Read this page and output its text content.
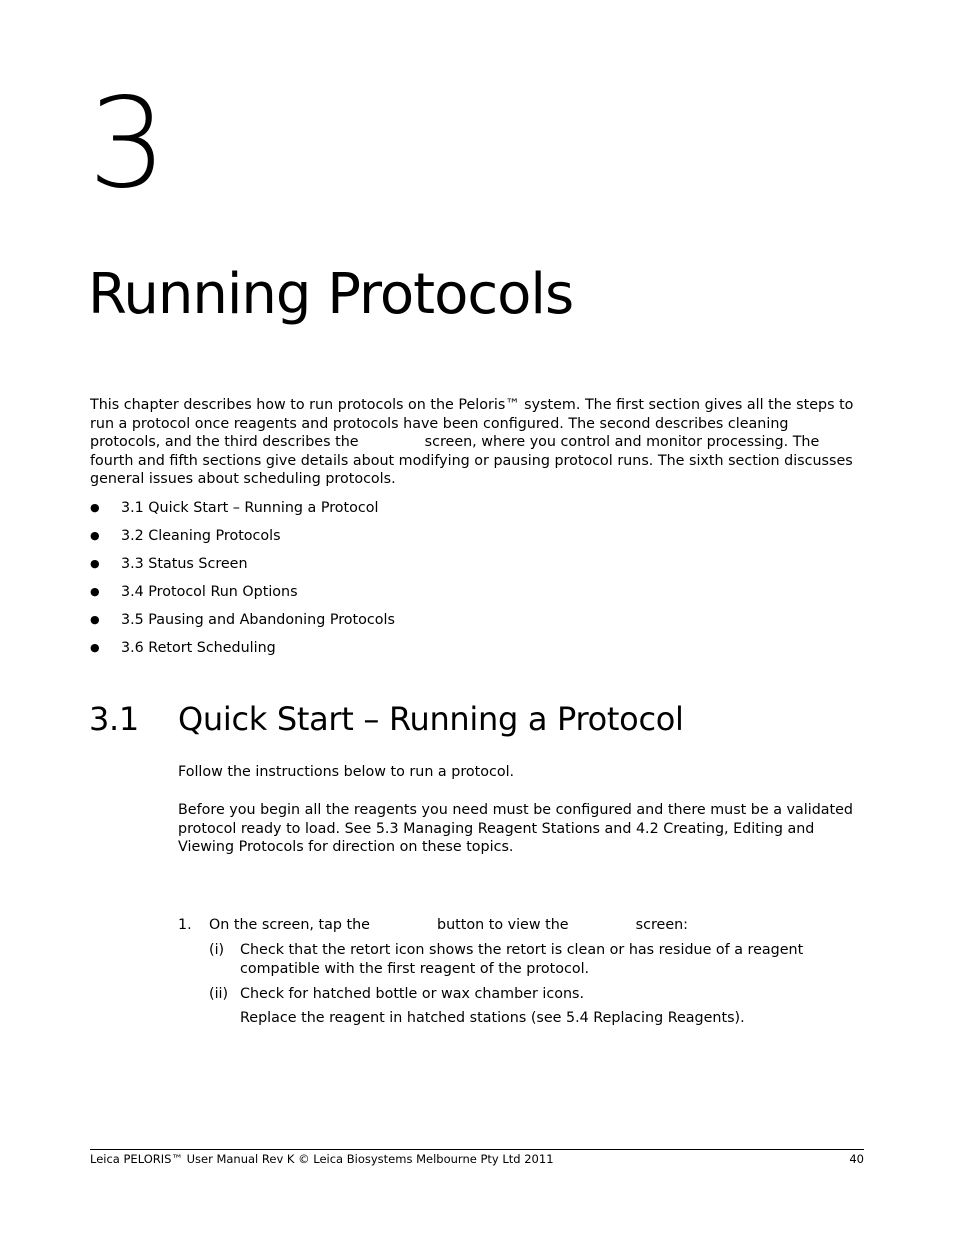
3
Running Protocols

This chapter describes how to run protocols on the Peloris™ system. The first section gives all the steps to run a protocol once reagents and protocols have been configured. The second describes cleaning protocols, and the third describes the	screen, where you control and monitor processing. The fourth and fifth sections give details about modifying or pausing protocol runs. The sixth section discusses general issues about scheduling protocols.

●	3.1 Quick Start – Running a Protocol
●	3.2 Cleaning Protocols
●	3.3 Status Screen
●	3.4 Protocol Run Options
●	3.5 Pausing and Abandoning Protocols
●	3.6 Retort Scheduling
3.1	Quick Start – Running a Protocol

Follow the instructions below to run a protocol.

Before you begin all the reagents you need must be configured and there must be a validated protocol ready to load. See 5.3 Managing Reagent Stations and 4.2 Creating, Editing and Viewing Protocols for direction on these topics.

1.	On the screen, tap the	button to view the	screen:
(i)	Check that the retort icon shows the retort is clean or has residue of a reagent compatible with the first reagent of the protocol.
(ii) Check for hatched bottle or wax chamber icons.
Replace the reagent in hatched stations (see 5.4 Replacing Reagents).
Leica PELORIS™ User Manual Rev K © Leica Biosystems Melbourne Pty Ltd 2011	40
